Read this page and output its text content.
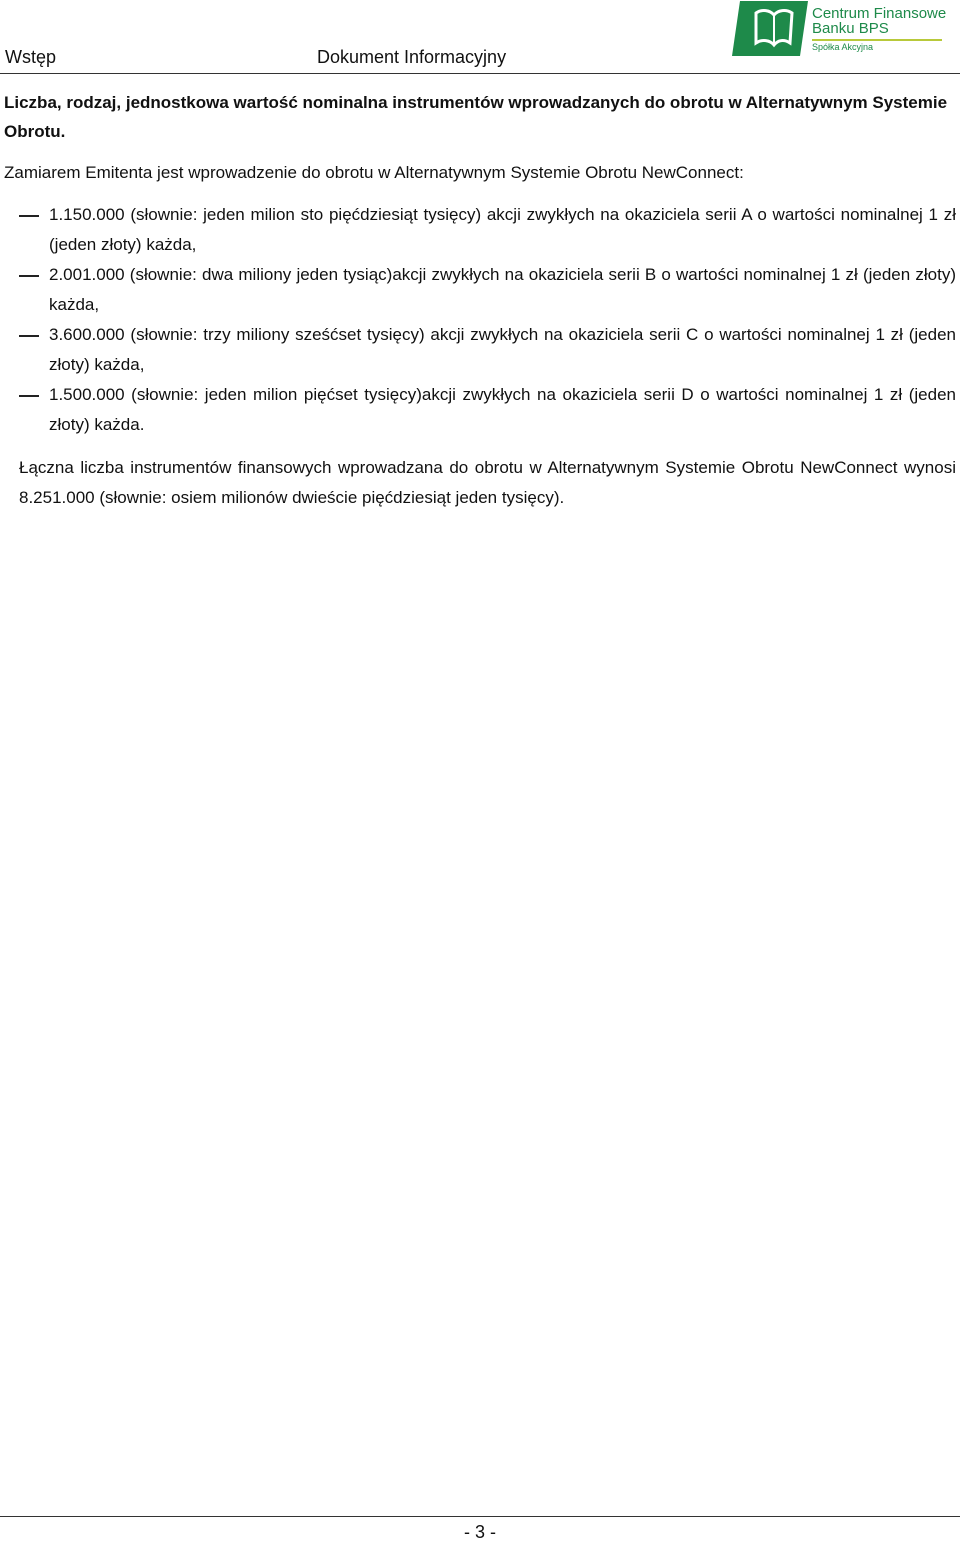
Wstęp	Dokument Informacyjny
Centrum Finansowe
Banku BPS
Spółka Akcyjna
Liczba, rodzaj, jednostkowa wartość nominalna instrumentów wprowadzanych do obrotu w Alternatywnym Systemie Obrotu.
Zamiarem Emitenta jest wprowadzenie do obrotu w Alternatywnym Systemie Obrotu NewConnect:
1.150.000 (słownie: jeden milion sto pięćdziesiąt tysięcy) akcji zwykłych na okaziciela serii A o wartości nominalnej 1 zł (jeden złoty) każda,
2.001.000 (słownie: dwa miliony jeden tysiąc)akcji zwykłych na okaziciela serii B o wartości nominalnej 1 zł (jeden złoty) każda,
3.600.000 (słownie: trzy miliony sześćset tysięcy) akcji zwykłych na okaziciela serii C o wartości nominalnej 1 zł (jeden złoty) każda,
1.500.000 (słownie: jeden milion pięćset tysięcy)akcji zwykłych na okaziciela serii D o wartości nominalnej 1 zł (jeden złoty) każda.
Łączna liczba instrumentów finansowych wprowadzana do obrotu w Alternatywnym Systemie Obrotu NewConnect wynosi 8.251.000 (słownie: osiem milionów dwieście pięćdziesiąt jeden tysięcy).
- 3 -
